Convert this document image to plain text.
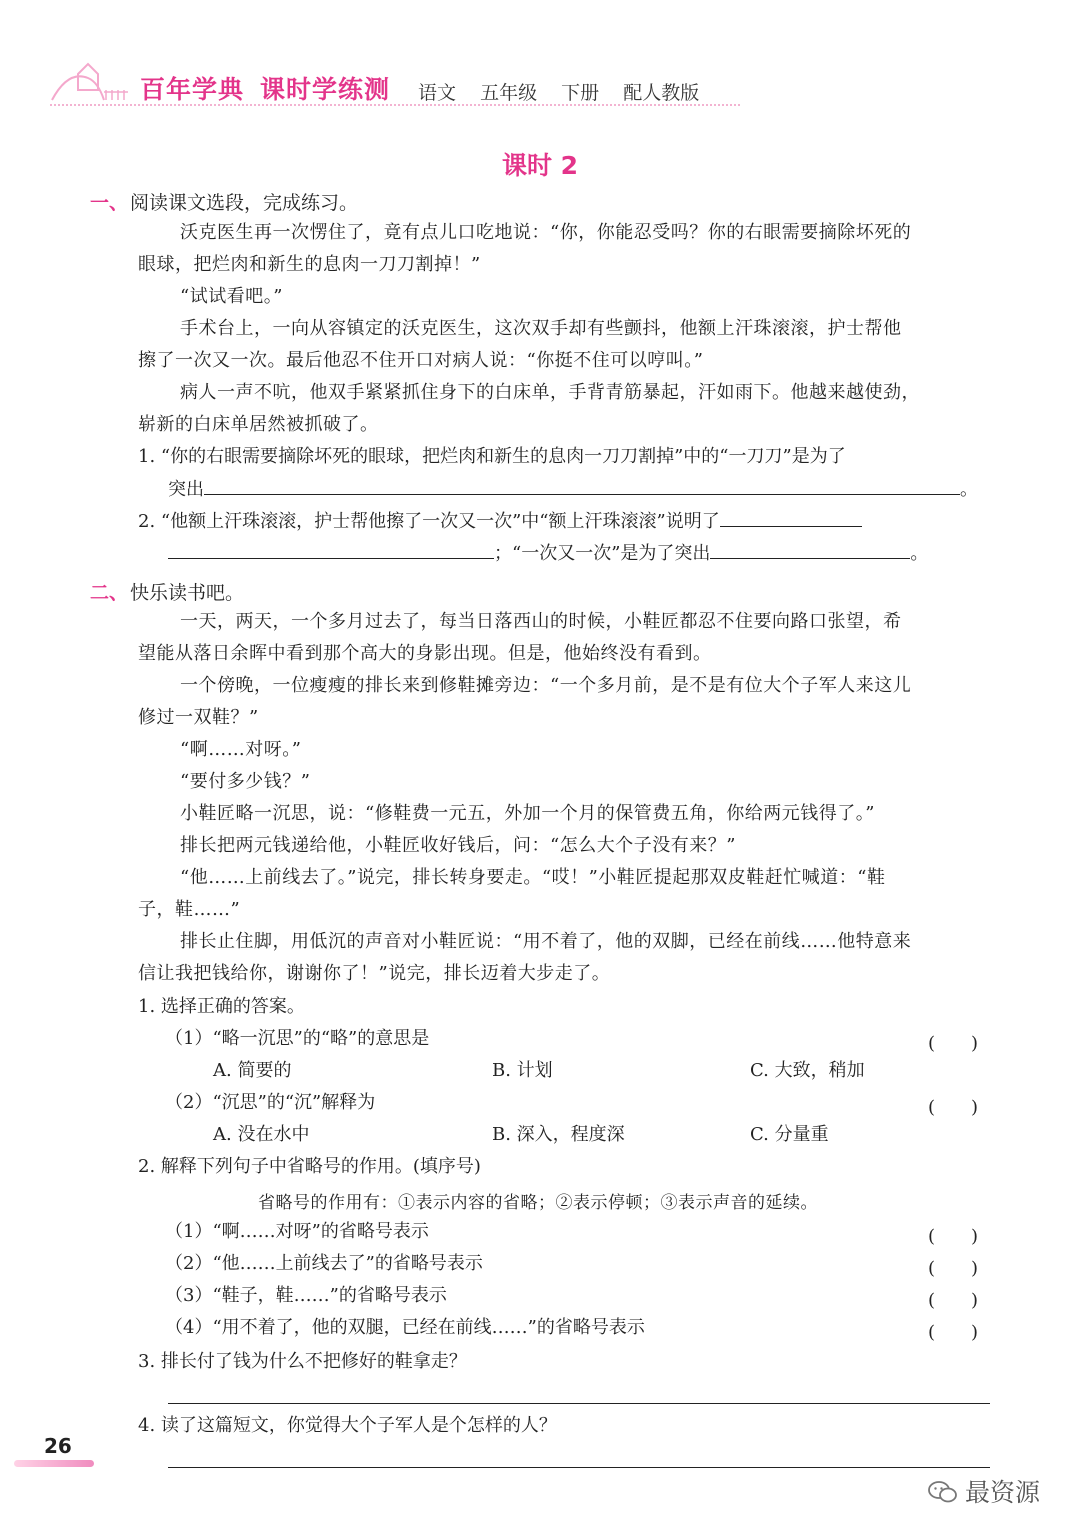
百年学典 课时学练测 语文 五年级 下册 配人教版
课时 2
一、 阅读课文选段，完成练习。
沃克医生再一次愣住了，竟有点儿口吃地说：“你，你能忍受吗？你的右眼需要摘除坏死的
眼球，把烂肉和新生的息肉一刀刀割掉！”
“试试看吧。”
手术台上，一向从容镇定的沃克医生，这次双手却有些颤抖，他额上汗珠滚滚，护士帮他
擦了一次又一次。最后他忍不住开口对病人说：“你挺不住可以哼叫。”
病人一声不吭，他双手紧紧抓住身下的白床单，手背青筋暴起，汗如雨下。他越来越使劲，
崭新的白床单居然被抓破了。
1. “你的右眼需要摘除坏死的眼球，把烂肉和新生的息肉一刀刀割掉”中的“一刀刀”是为了
突出	。
2. “他额上汗珠滚滚，护士帮他擦了一次又一次”中“额上汗珠滚滚”说明了
；“一次又一次”是为了突出	。
二、 快乐读书吧。
一天，两天，一个多月过去了，每当日落西山的时候，小鞋匠都忍不住要向路口张望，希
望能从落日余晖中看到那个高大的身影出现。但是，他始终没有看到。
一个傍晚，一位瘦瘦的排长来到修鞋摊旁边：“一个多月前，是不是有位大个子军人来这儿
修过一双鞋？”
“啊……对呀。”
“要付多少钱？”
小鞋匠略一沉思，说：“修鞋费一元五，外加一个月的保管费五角，你给两元钱得了。”
排长把两元钱递给他，小鞋匠收好钱后，问：“怎么大个子没有来？”
“他……上前线去了。”说完，排长转身要走。“哎！”小鞋匠提起那双皮鞋赶忙喊道：“鞋
子，鞋……”
排长止住脚，用低沉的声音对小鞋匠说：“用不着了，他的双脚，已经在前线……他特意来
信让我把钱给你，谢谢你了！”说完，排长迈着大步走了。
1. 选择正确的答案。
（1）“略一沉思”的“略”的意思是	(　　)
A. 简要的	B. 计划	C. 大致，稍加
（2）“沉思”的“沉”解释为	(　　)
A. 没在水中	B. 深入，程度深	C. 分量重
2. 解释下列句子中省略号的作用。(填序号)
省略号的作用有：①表示内容的省略；②表示停顿；③表示声音的延续。
（1）“啊……对呀”的省略号表示	(　　)
（2）“他……上前线去了”的省略号表示	(　　)
（3）“鞋子，鞋……”的省略号表示	(　　)
（4）“用不着了，他的双腿，已经在前线……”的省略号表示	(　　)
3. 排长付了钱为什么不把修好的鞋拿走？
4. 读了这篇短文，你觉得大个子军人是个怎样的人？
26
最资源
